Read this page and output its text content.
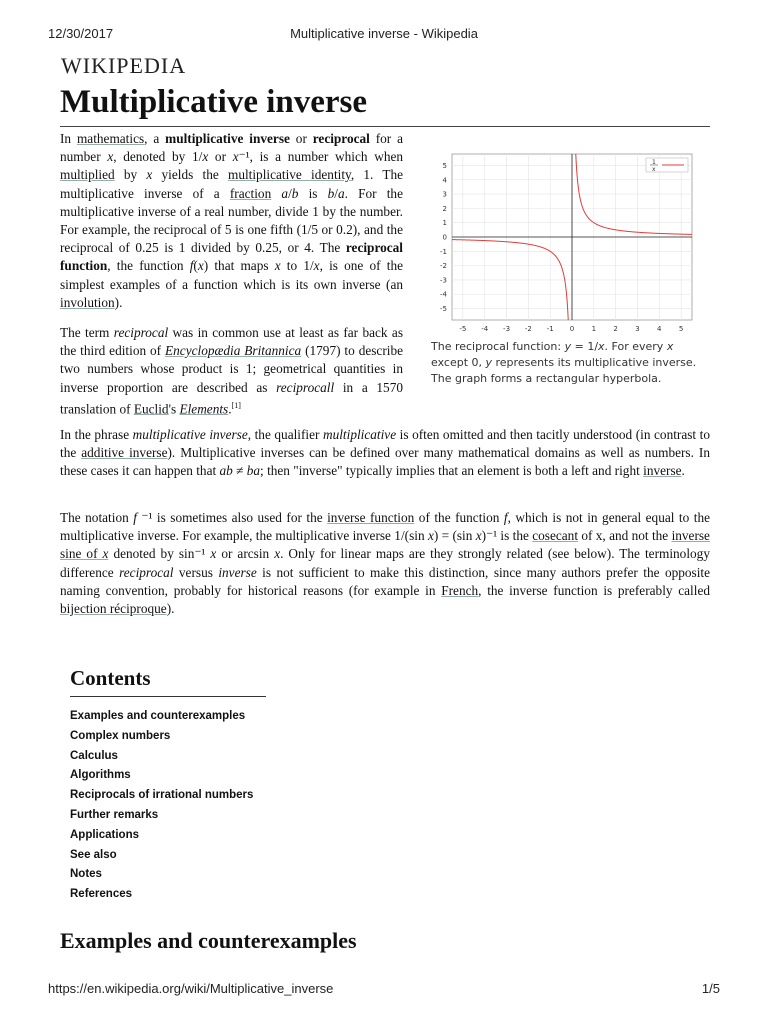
12/30/2017	Multiplicative inverse - Wikipedia
WIKIPEDIA
Multiplicative inverse

In mathematics, a multiplicative inverse or reciprocal for a number x, denoted by 1/x or x⁻¹, is a number which when multiplied by x yields the multiplicative identity, 1. The multiplicative inverse of a fraction a/b is b/a. For the multiplicative inverse of a real number, divide 1 by the number. For example, the reciprocal of 5 is one fifth (1/5 or 0.2), and the reciprocal of 0.25 is 1 divided by 0.25, or 4. The reciprocal function, the function f(x) that maps x to 1/x, is one of the simplest examples of a function which is its own inverse (an involution).

The term reciprocal was in common use at least as far back as the third edition of Encyclopædia Britannica (1797) to describe two numbers whose product is 1; geometrical quantities in inverse proportion are described as reciprocall in a 1570 translation of Euclid's Elements.[1]

5
4
3
2
1
0
-1
-2
-3
-4
-5
-5 -4 -3 -2 -1 0 1 2 3 4 5
1
x
The reciprocal function: y = 1/x. For every x except 0, y represents its multiplicative inverse. The graph forms a rectangular hyperbola.

In the phrase multiplicative inverse, the qualifier multiplicative is often omitted and then tacitly understood (in contrast to the additive inverse). Multiplicative inverses can be defined over many mathematical domains as well as numbers. In these cases it can happen that ab ≠ ba; then "inverse" typically implies that an element is both a left and right inverse.

The notation f ⁻¹ is sometimes also used for the inverse function of the function f, which is not in general equal to the multiplicative inverse. For example, the multiplicative inverse 1/(sin x) = (sin x)⁻¹ is the cosecant of x, and not the inverse sine of x denoted by sin⁻¹ x or arcsin x. Only for linear maps are they strongly related (see below). The terminology difference reciprocal versus inverse is not sufficient to make this distinction, since many authors prefer the opposite naming convention, probably for historical reasons (for example in French, the inverse function is preferably called bijection réciproque).

Contents
Examples and counterexamples
Complex numbers
Calculus
Algorithms
Reciprocals of irrational numbers
Further remarks
Applications
See also
Notes
References
Examples and counterexamples
https://en.wikipedia.org/wiki/Multiplicative_inverse	1/5
